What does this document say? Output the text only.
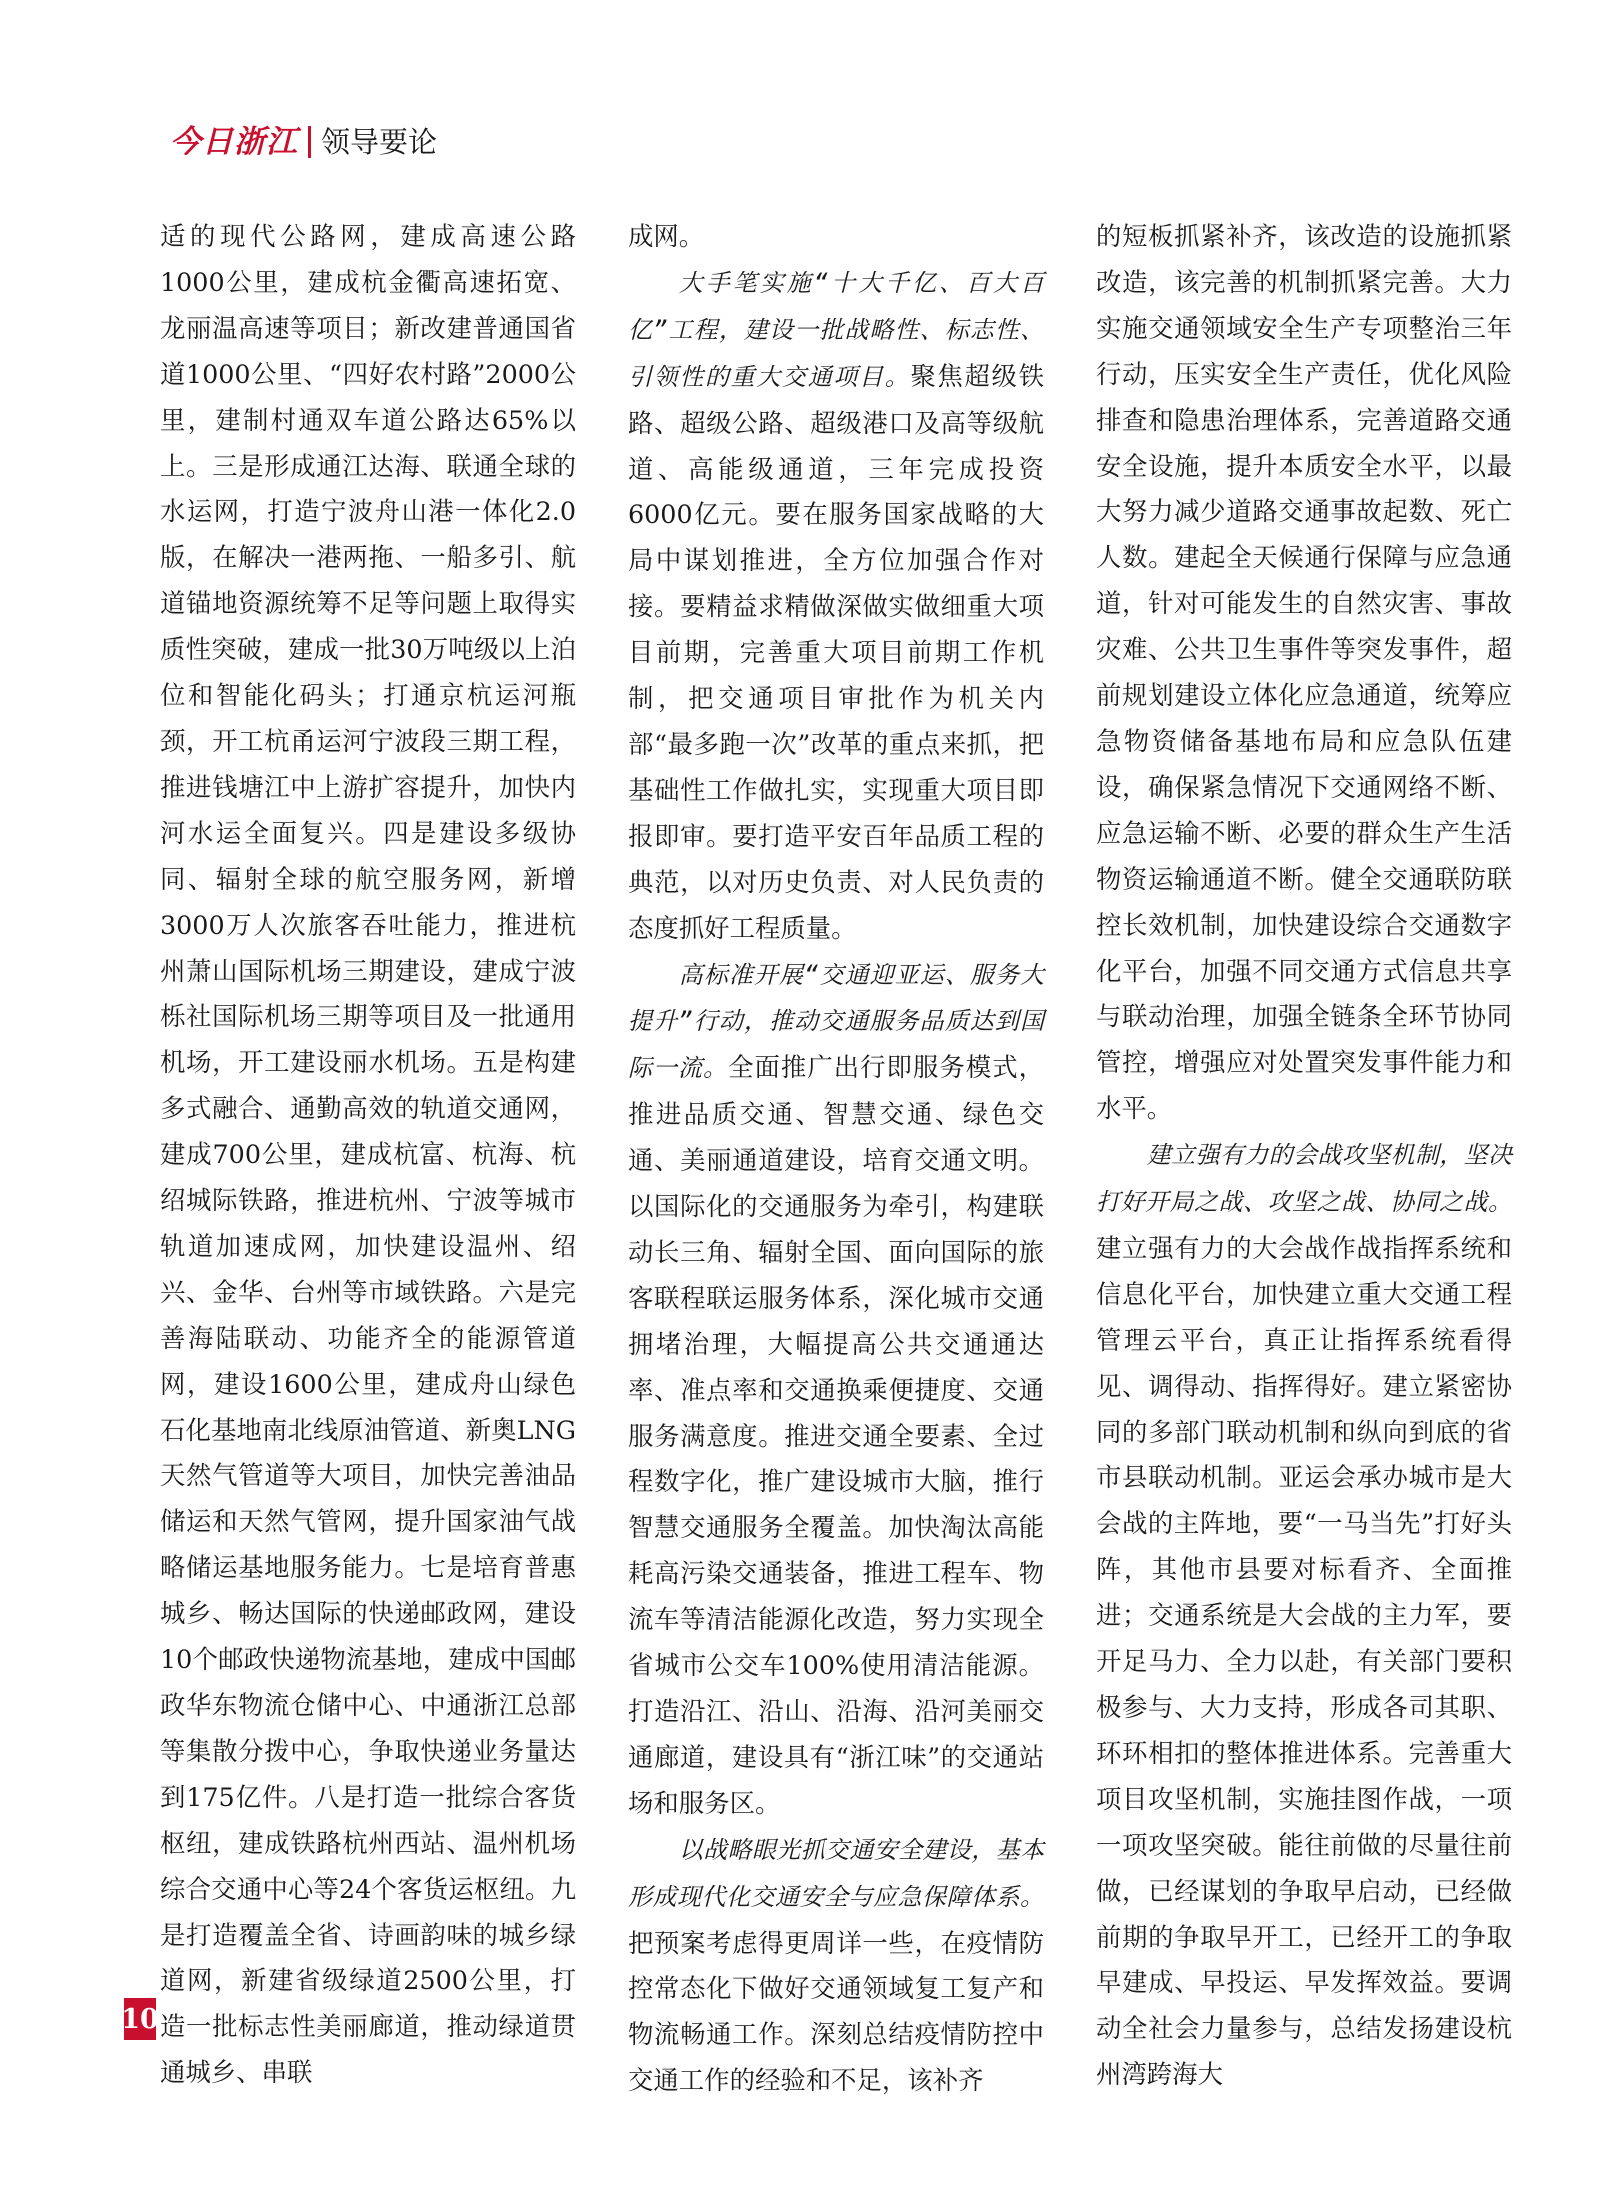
今日浙江 领导要论

适的现代公路网，建成高速公路1000公里，建成杭金衢高速拓宽、龙丽温高速等项目；新改建普通国省道1000公里、“四好农村路”2000公里，建制村通双车道公路达65%以上。三是形成通江达海、联通全球的水运网，打造宁波舟山港一体化2.0版，在解决一港两拖、一船多引、航道锚地资源统筹不足等问题上取得实质性突破，建成一批30万吨级以上泊位和智能化码头；打通京杭运河瓶颈，开工杭甬运河宁波段三期工程，推进钱塘江中上游扩容提升，加快内河水运全面复兴。四是建设多级协同、辐射全球的航空服务网，新增3000万人次旅客吞吐能力，推进杭州萧山国际机场三期建设，建成宁波栎社国际机场三期等项目及一批通用机场，开工建设丽水机场。五是构建多式融合、通勤高效的轨道交通网，建成700公里，建成杭富、杭海、杭绍城际铁路，推进杭州、宁波等城市轨道加速成网，加快建设温州、绍兴、金华、台州等市域铁路。六是完善海陆联动、功能齐全的能源管道网，建设1600公里，建成舟山绿色石化基地南北线原油管道、新奥LNG天然气管道等大项目，加快完善油品储运和天然气管网，提升国家油气战略储运基地服务能力。七是培育普惠城乡、畅达国际的快递邮政网，建设10个邮政快递物流基地，建成中国邮政华东物流仓储中心、中通浙江总部等集散分拨中心，争取快递业务量达到175亿件。八是打造一批综合客货枢纽，建成铁路杭州西站、温州机场综合交通中心等24个客货运枢纽。九是打造覆盖全省、诗画韵味的城乡绿道网，新建省级绿道2500公里，打造一批标志性美丽廊道，推动绿道贯通城乡、串联

成网。

大手笔实施“十大千亿、百大百亿”工程，建设一批战略性、标志性、引领性的重大交通项目。聚焦超级铁路、超级公路、超级港口及高等级航道、高能级通道，三年完成投资6000亿元。要在服务国家战略的大局中谋划推进，全方位加强合作对接。要精益求精做深做实做细重大项目前期，完善重大项目前期工作机制，把交通项目审批作为机关内部“最多跑一次”改革的重点来抓，把基础性工作做扎实，实现重大项目即报即审。要打造平安百年品质工程的典范，以对历史负责、对人民负责的态度抓好工程质量。

高标准开展“交通迎亚运、服务大提升”行动，推动交通服务品质达到国际一流。全面推广出行即服务模式，推进品质交通、智慧交通、绿色交通、美丽通道建设，培育交通文明。以国际化的交通服务为牵引，构建联动长三角、辐射全国、面向国际的旅客联程联运服务体系，深化城市交通拥堵治理，大幅提高公共交通通达率、准点率和交通换乘便捷度、交通服务满意度。推进交通全要素、全过程数字化，推广建设城市大脑，推行智慧交通服务全覆盖。加快淘汰高能耗高污染交通装备，推进工程车、物流车等清洁能源化改造，努力实现全省城市公交车100%使用清洁能源。打造沿江、沿山、沿海、沿河美丽交通廊道，建设具有“浙江味”的交通站场和服务区。

以战略眼光抓交通安全建设，基本形成现代化交通安全与应急保障体系。把预案考虑得更周详一些，在疫情防控常态化下做好交通领域复工复产和物流畅通工作。深刻总结疫情防控中交通工作的经验和不足，该补齐

的短板抓紧补齐，该改造的设施抓紧改造，该完善的机制抓紧完善。大力实施交通领域安全生产专项整治三年行动，压实安全生产责任，优化风险排查和隐患治理体系，完善道路交通安全设施，提升本质安全水平，以最大努力减少道路交通事故起数、死亡人数。建起全天候通行保障与应急通道，针对可能发生的自然灾害、事故灾难、公共卫生事件等突发事件，超前规划建设立体化应急通道，统筹应急物资储备基地布局和应急队伍建设，确保紧急情况下交通网络不断、应急运输不断、必要的群众生产生活物资运输通道不断。健全交通联防联控长效机制，加快建设综合交通数字化平台，加强不同交通方式信息共享与联动治理，加强全链条全环节协同管控，增强应对处置突发事件能力和水平。

建立强有力的会战攻坚机制，坚决打好开局之战、攻坚之战、协同之战。建立强有力的大会战作战指挥系统和信息化平台，加快建立重大交通工程管理云平台，真正让指挥系统看得见、调得动、指挥得好。建立紧密协同的多部门联动机制和纵向到底的省市县联动机制。亚运会承办城市是大会战的主阵地，要“一马当先”打好头阵，其他市县要对标看齐、全面推进；交通系统是大会战的主力军，要开足马力、全力以赴，有关部门要积极参与、大力支持，形成各司其职、环环相扣的整体推进体系。完善重大项目攻坚机制，实施挂图作战，一项一项攻坚突破。能往前做的尽量往前做，已经谋划的争取早启动，已经做前期的争取早开工，已经开工的争取早建成、早投运、早发挥效益。要调动全社会力量参与，总结发扬建设杭州湾跨海大

10
